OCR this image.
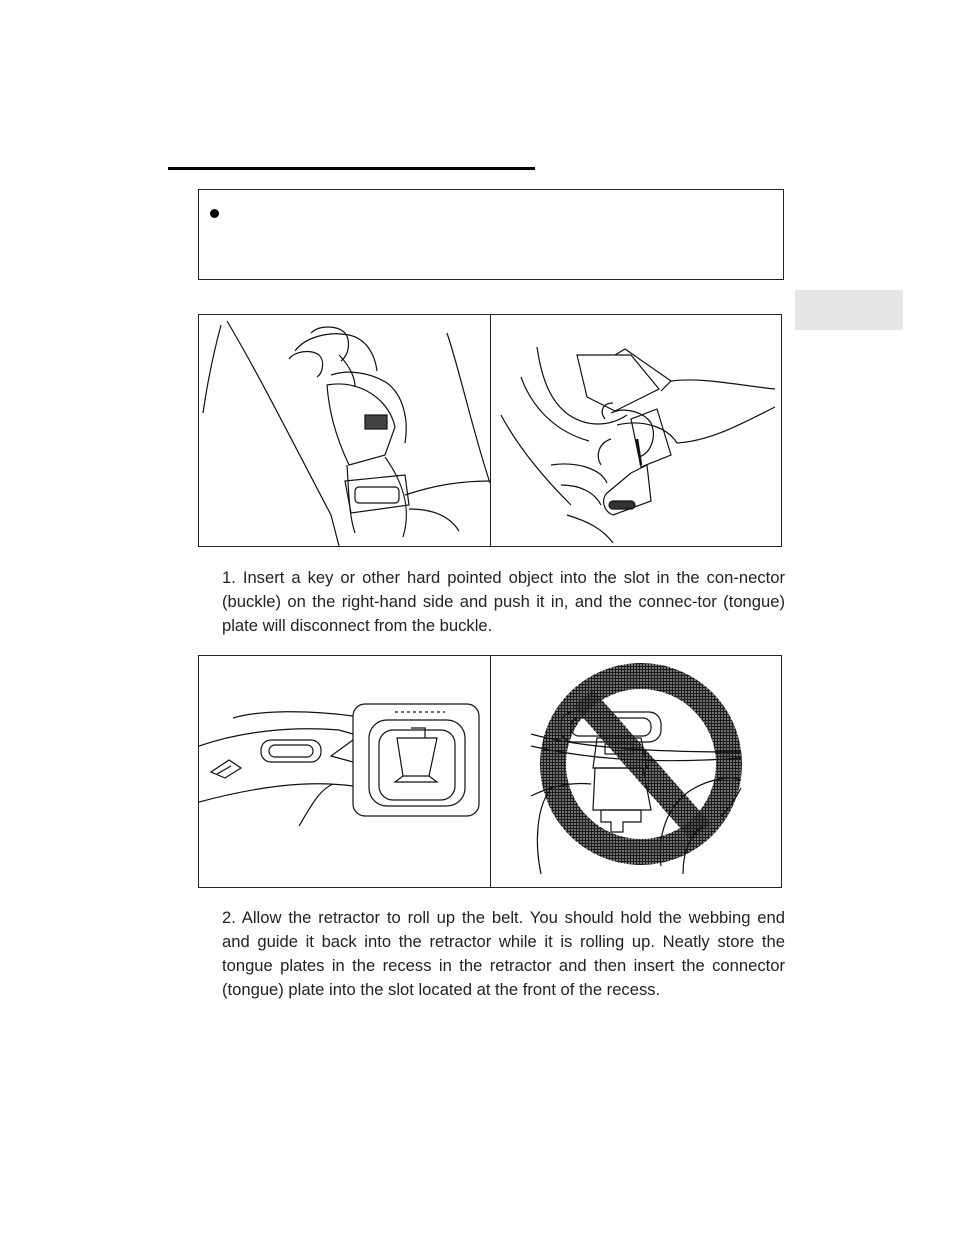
1. Insert a key or other hard pointed object into the slot in the con-nector (buckle) on the right-hand side and push it in, and the connec-tor (tongue) plate will disconnect from the buckle.

2. Allow the retractor to roll up the belt. You should hold the webbing end and guide it back into the retractor while it is rolling up. Neatly store the tongue plates in the recess in the retractor and then insert the connector (tongue) plate into the slot located at the front of the recess.
